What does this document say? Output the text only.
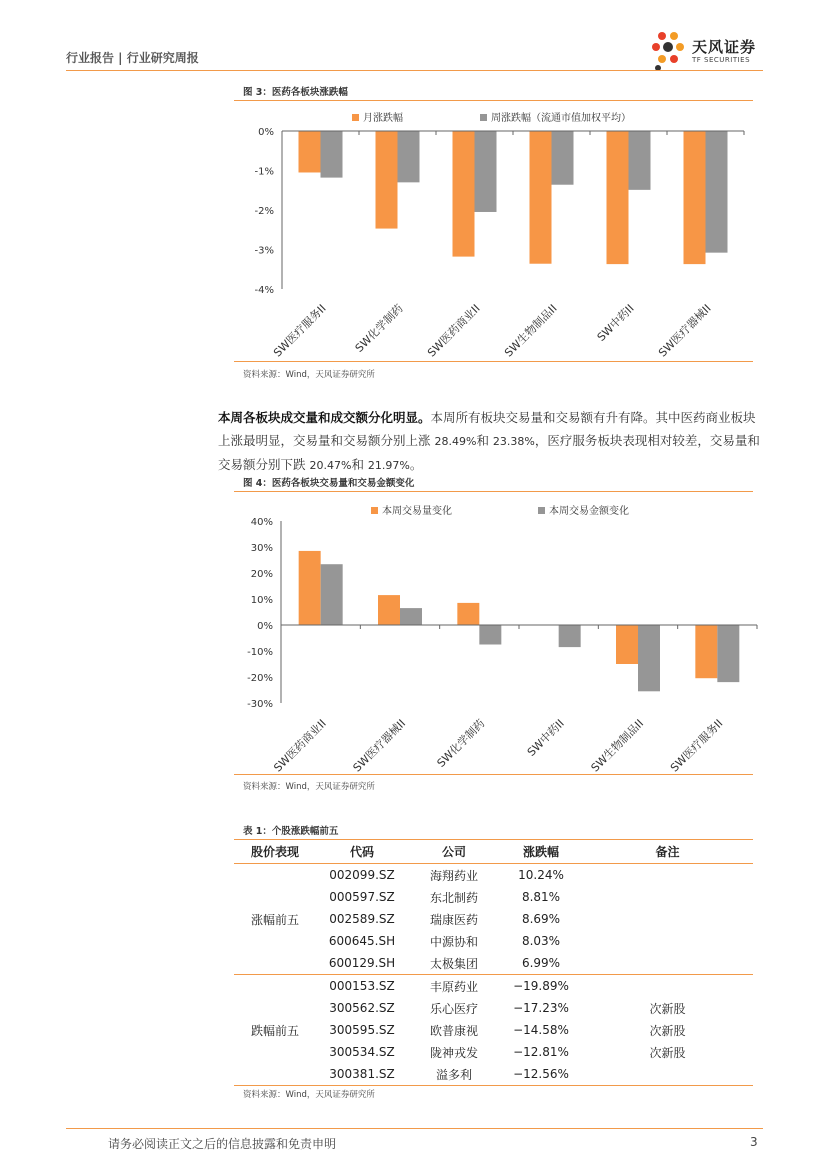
行业报告 | 行业研究周报
天风证券
TF SECURITIES
图 3：医药各板块涨跌幅
0%
-1%
-2%
-3%
-4%
SW医疗服务II SW化学制药 SW医药商业II SW生物制品II	SW中药II SW医疗器械II
月涨跌幅	周涨跌幅（流通市值加权平均）
资料来源：Wind，天风证券研究所
本周各板块成交量和成交额分化明显。本周所有板块交易量和交易额有升有降。其中医药商业板块上涨最明显，交易量和交易额分别上涨 28.49%和 23.38%，医疗服务板块表现相对较差，交易量和交易额分别下跌 20.47%和 21.97%。
图 4：医药各板块交易量和交易金额变化
40%
30%
20%
10%
0%
-10%
-20%
-30%
SW医药商业II SW医疗器械II SW化学制药	SW中药II SW生物制品II SW医疗服务II
本周交易量变化	本周交易金额变化
资料来源：Wind，天风证券研究所
表 1：个股涨跌幅前五
股价表现	代码	公司	涨跌幅	备注
涨幅前五	002099.SZ	海翔药业	10.24%	
	000597.SZ	东北制药	8.81%	
	002589.SZ	瑞康医药	8.69%	
	600645.SH	中源协和	8.03%	
	600129.SH	太极集团	6.99%	
跌幅前五	000153.SZ	丰原药业	−19.89%	
	300562.SZ	乐心医疗	−17.23%	次新股
	300595.SZ	欧普康视	−14.58%	次新股
	300534.SZ	陇神戎发	−12.81%	次新股
	300381.SZ	溢多利	−12.56%	
资料来源：Wind，天风证券研究所
请务必阅读正文之后的信息披露和免责申明	3
